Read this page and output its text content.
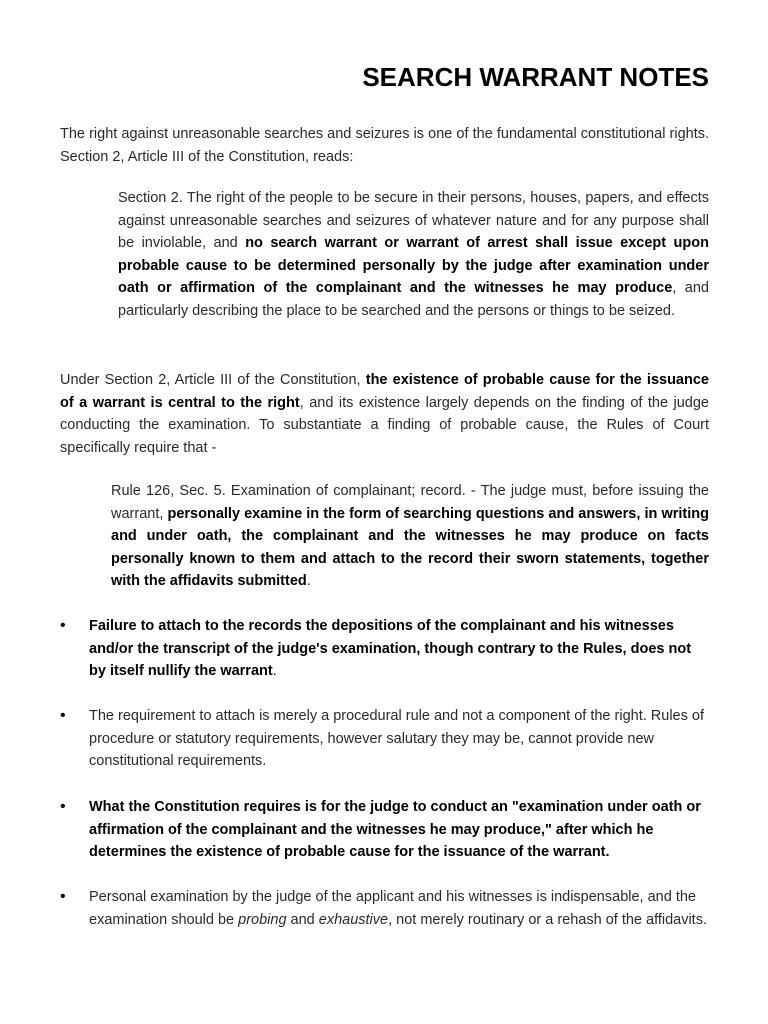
SEARCH WARRANT NOTES

The right against unreasonable searches and seizures is one of the fundamental constitutional rights. Section 2, Article III of the Constitution, reads:

Section 2. The right of the people to be secure in their persons, houses, papers, and effects against unreasonable searches and seizures of whatever nature and for any purpose shall be inviolable, and no search warrant or warrant of arrest shall issue except upon probable cause to be determined personally by the judge after examination under oath or affirmation of the complainant and the witnesses he may produce, and particularly describing the place to be searched and the persons or things to be seized.

Under Section 2, Article III of the Constitution, the existence of probable cause for the issuance of a warrant is central to the right, and its existence largely depends on the finding of the judge conducting the examination. To substantiate a finding of probable cause, the Rules of Court specifically require that -

Rule 126, Sec. 5. Examination of complainant; record. - The judge must, before issuing the warrant, personally examine in the form of searching questions and answers, in writing and under oath, the complainant and the witnesses he may produce on facts personally known to them and attach to the record their sworn statements, together with the affidavits submitted.

• Failure to attach to the records the depositions of the complainant and his witnesses and/or the transcript of the judge's examination, though contrary to the Rules, does not by itself nullify the warrant.

• The requirement to attach is merely a procedural rule and not a component of the right. Rules of procedure or statutory requirements, however salutary they may be, cannot provide new constitutional requirements.

• What the Constitution requires is for the judge to conduct an "examination under oath or affirmation of the complainant and the witnesses he may produce," after which he determines the existence of probable cause for the issuance of the warrant.

• Personal examination by the judge of the applicant and his witnesses is indispensable, and the examination should be probing and exhaustive, not merely routinary or a rehash of the affidavits.
